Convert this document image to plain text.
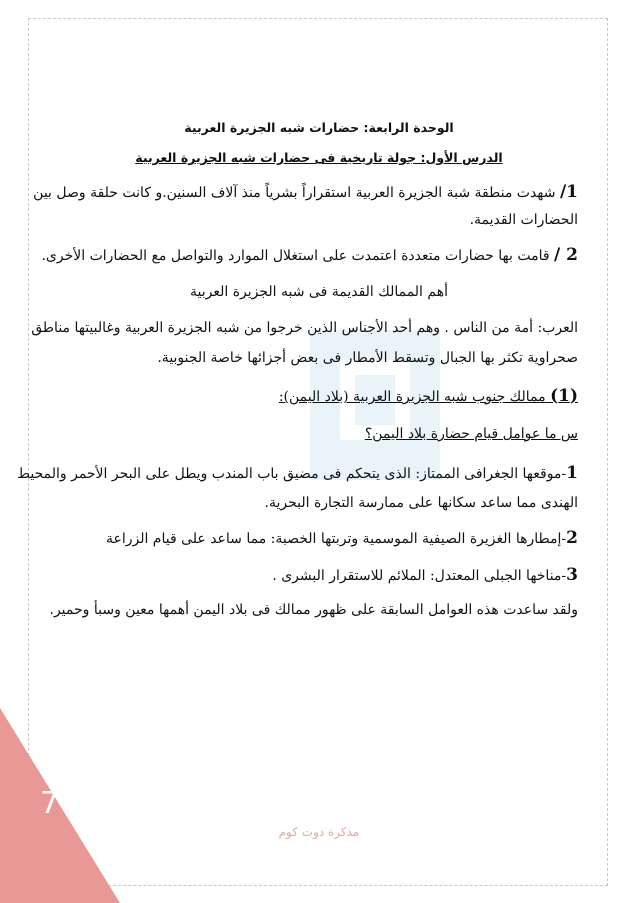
الوحدة الرابعة: حضارات شبه الجزيرة العربية
الدرس الأول: جولة تاريخية فى حضارات شبه الجزيرة العربية
1/ شهدت منطقة شبة الجزيرة العربية استقراراً بشرياً منذ آلاف السنين.و كانت حلقة وصل بين
الحضارات القديمة.
2 / قامت بها حضارات متعددة اعتمدت على استغلال الموارد والتواصل مع الحضارات الأخرى.
أهم الممالك القديمة فى شبه الجزيرة العربية
العرب: أمة من الناس . وهم أحد الأجناس الذين خرجوا من شبه الجزيرة العربية وغالبيتها مناطق
صحراوية تكثر بها الجبال وتسقط الأمطار فى بعض أجزائها خاصة الجنوبية.
(1) ممالك جنوب شبه الجزيرة العربية (بلاد اليمن):
س ما عوامل قيام حضارة بلاد اليمن؟
1-موقعها الجغرافى الممتاز: الذى يتحكم فى مضيق باب المندب ويطل على البحر الأحمر والمحيط
الهندى مما ساعد سكانها على ممارسة التجارة البحرية.
2-إمطارها الغزيرة الصيفية الموسمية وتربتها الخصبة: مما ساعد على قيام الزراعة
3-مناخها الجبلى المعتدل: الملائم للاستقرار البشرى .
ولقد ساعدت هذه العوامل السابقة على ظهور ممالك فى بلاد اليمن أهمها معين وسبأ وحمير.
77
مذكرة دوت كوم
